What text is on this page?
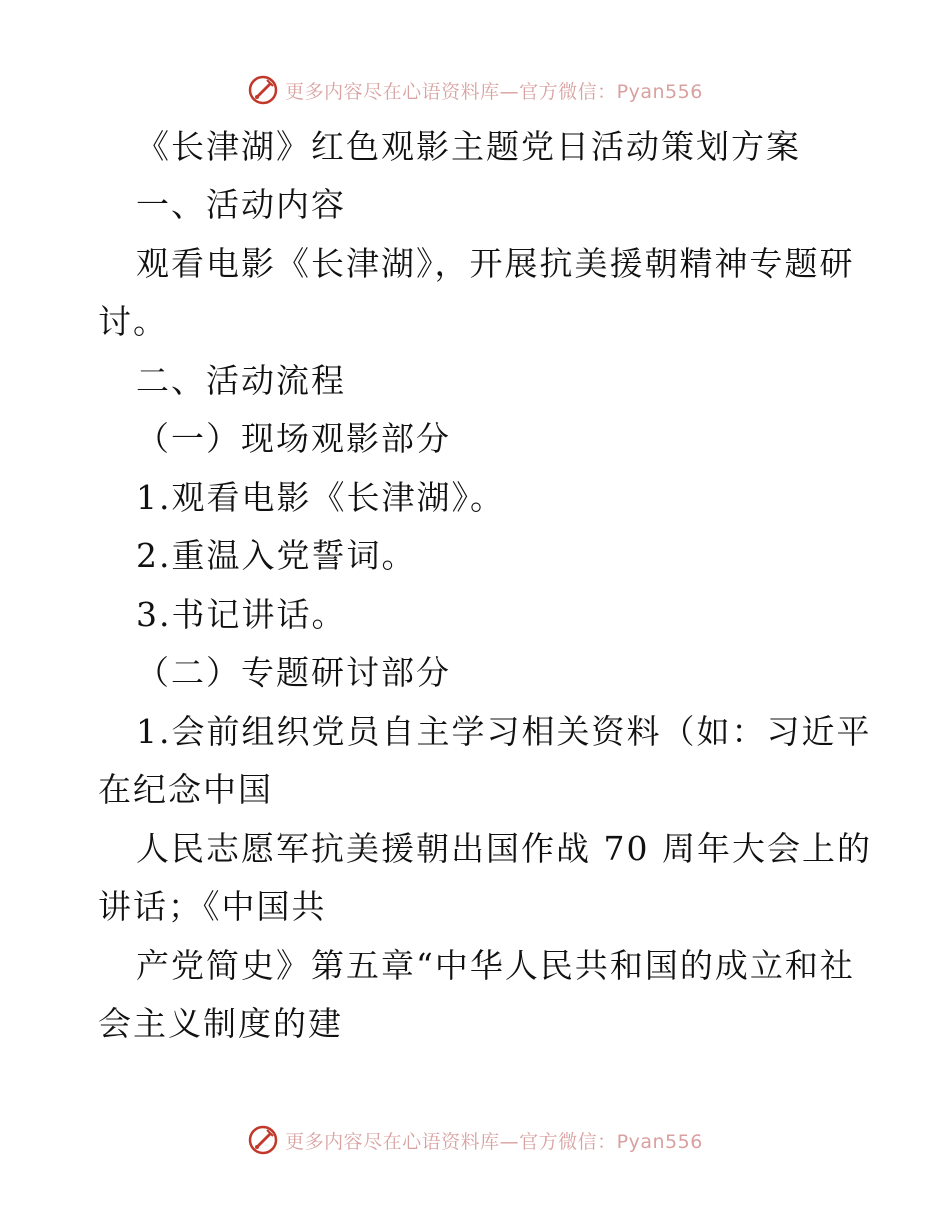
更多内容尽在心语资料库—官方微信：Pyan556
《长津湖》红色观影主题党日活动策划方案
一、活动内容
观看电影《长津湖》，开展抗美援朝精神专题研
讨。
二、活动流程
（一）现场观影部分
1.观看电影《长津湖》。
2.重温入党誓词。
3.书记讲话。
（二）专题研讨部分
1.会前组织党员自主学习相关资料（如：习近平
在纪念中国
人民志愿军抗美援朝出国作战 70 周年大会上的
讲话；《中国共
产党简史》第五章“中华人民共和国的成立和社
会主义制度的建
更多内容尽在心语资料库—官方微信：Pyan556
